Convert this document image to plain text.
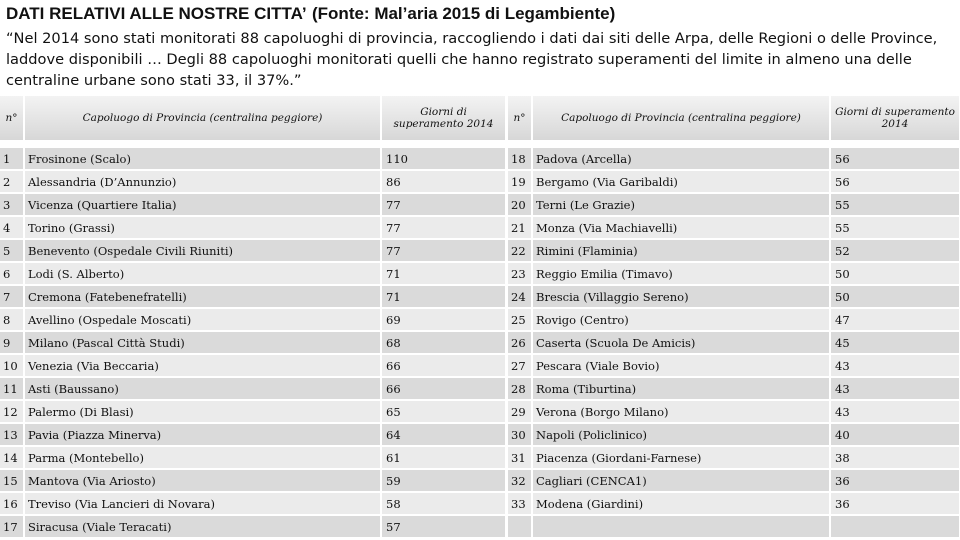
DATI RELATIVI ALLE NOSTRE CITTA’ (Fonte: Mal’aria 2015 di Legambiente)
“Nel 2014 sono stati monitorati 88 capoluoghi di provincia, raccogliendo i dati dai siti delle Arpa, delle Regioni o delle Province, laddove disponibili … Degli 88 capoluoghi monitorati quelli che hanno registrato superamenti del limite in almeno una delle centraline urbane sono stati 33, il 37%.”
n°	Capoluogo di Provincia (centralina peggiore)	Giorni di superamento 2014
1	Frosinone (Scalo)	110
2	Alessandria (D’Annunzio)	86
3	Vicenza (Quartiere Italia)	77
4	Torino (Grassi)	77
5	Benevento (Ospedale Civili Riuniti)	77
6	Lodi (S. Alberto)	71
7	Cremona (Fatebenefratelli)	71
8	Avellino (Ospedale Moscati)	69
9	Milano (Pascal Città Studi)	68
10	Venezia (Via Beccaria)	66
11	Asti (Baussano)	66
12	Palermo (Di Blasi)	65
13	Pavia (Piazza Minerva)	64
14	Parma (Montebello)	61
15	Mantova (Via Ariosto)	59
16	Treviso (Via Lancieri di Novara)	58
17	Siracusa (Viale Teracati)	57
n°	Capoluogo di Provincia (centralina peggiore)	Giorni di superamento 2014
18	Padova (Arcella)	56
19	Bergamo (Via Garibaldi)	56
20	Terni (Le Grazie)	55
21	Monza (Via Machiavelli)	55
22	Rimini (Flaminia)	52
23	Reggio Emilia (Timavo)	50
24	Brescia (Villaggio Sereno)	50
25	Rovigo (Centro)	47
26	Caserta (Scuola De Amicis)	45
27	Pescara (Viale Bovio)	43
28	Roma (Tiburtina)	43
29	Verona (Borgo Milano)	43
30	Napoli (Policlinico)	40
31	Piacenza (Giordani-Farnese)	38
32	Cagliari (CENCA1)	36
33	Modena (Giardini)	36
